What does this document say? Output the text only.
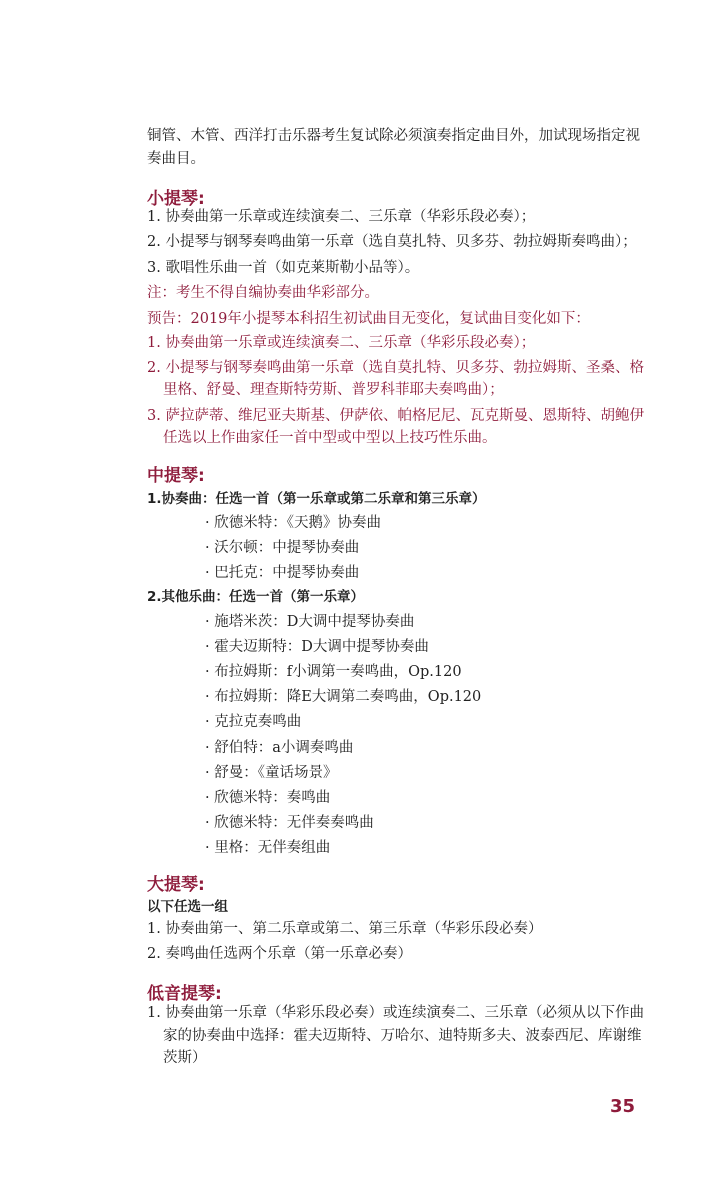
铜管、木管、西洋打击乐器考生复试除必须演奏指定曲目外，加试现场指定视
奏曲目。
小提琴:
1. 协奏曲第一乐章或连续演奏二、三乐章（华彩乐段必奏）；
2. 小提琴与钢琴奏鸣曲第一乐章（选自莫扎特、贝多芬、勃拉姆斯奏鸣曲）；
3. 歌唱性乐曲一首（如克莱斯勒小品等）。
注：考生不得自编协奏曲华彩部分。
预告：2019年小提琴本科招生初试曲目无变化，复试曲目变化如下：
1. 协奏曲第一乐章或连续演奏二、三乐章（华彩乐段必奏）；
2. 小提琴与钢琴奏鸣曲第一乐章（选自莫扎特、贝多芬、勃拉姆斯、圣桑、格
里格、舒曼、理查斯特劳斯、普罗科菲耶夫奏鸣曲）；
3. 萨拉萨蒂、维尼亚夫斯基、伊萨依、帕格尼尼、瓦克斯曼、恩斯特、胡鲍伊
任选以上作曲家任一首中型或中型以上技巧性乐曲。
中提琴:
1.协奏曲：任选一首（第一乐章或第二乐章和第三乐章）
· 欣德米特：《天鹅》协奏曲
· 沃尔顿：中提琴协奏曲
· 巴托克：中提琴协奏曲
2.其他乐曲：任选一首（第一乐章）
· 施塔米茨：D大调中提琴协奏曲
· 霍夫迈斯特：D大调中提琴协奏曲
· 布拉姆斯：f小调第一奏鸣曲，Op.120
· 布拉姆斯：降E大调第二奏鸣曲，Op.120
· 克拉克奏鸣曲
· 舒伯特：a小调奏鸣曲
· 舒曼：《童话场景》
· 欣德米特：奏鸣曲
· 欣德米特：无伴奏奏鸣曲
· 里格：无伴奏组曲
大提琴:
以下任选一组
1. 协奏曲第一、第二乐章或第二、第三乐章（华彩乐段必奏）
2. 奏鸣曲任选两个乐章（第一乐章必奏）
低音提琴:
1. 协奏曲第一乐章（华彩乐段必奏）或连续演奏二、三乐章（必须从以下作曲
家的协奏曲中选择：霍夫迈斯特、万哈尔、迪特斯多夫、波泰西尼、库谢维
茨斯）
35
